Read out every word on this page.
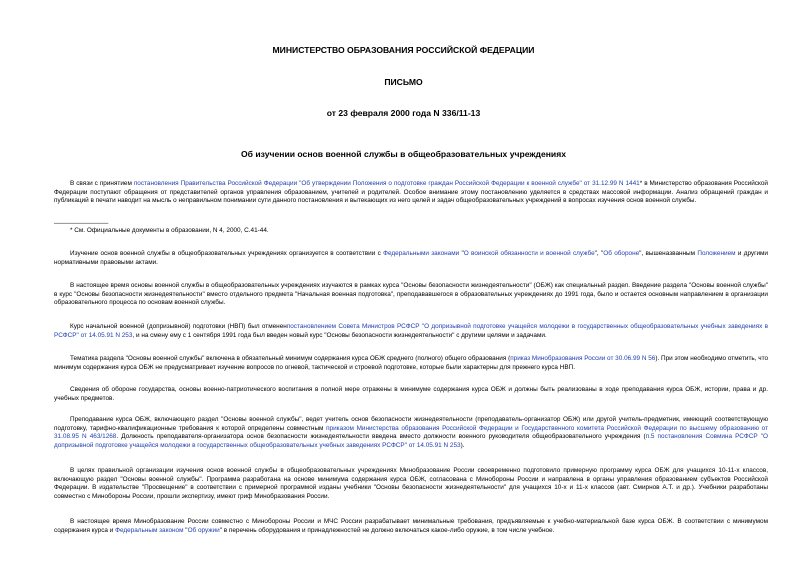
МИНИСТЕРСТВО ОБРАЗОВАНИЯ РОССИЙСКОЙ ФЕДЕРАЦИИ
ПИСЬМО
от 23 февраля 2000 года N 336/11-13
Об изучении основ военной службы в общеобразовательных учреждениях
В связи с принятием постановления Правительства Российской Федерации "Об утверждении Положения о подготовке граждан Российской Федерации к военной службе" от 31.12.99 N 1441* в Министерство образования Российской Федерации поступают обращения от представителей органов управления образованием, учителей и родителей. Особое внимание этому постановлению уделяется в средствах массовой информации. Анализ обращений граждан и публикаций в печати наводит на мысль о неправильном понимании сути данного постановления и вытекающих из него целей и задач общеобразовательных учреждений в вопросах изучения основ военной службы.
────────────
* См. Официальные документы в образовании, N 4, 2000, С.41-44.
Изучение основ военной службы в общеобразовательных учреждениях организуется в соответствии с Федеральными законами "О воинской обязанности и военной службе", "Об обороне", вышеназванным Положением и другими нормативными правовыми актами.
В настоящее время основы военной службы в общеобразовательных учреждениях изучаются в рамках курса "Основы безопасности жизнедеятельности" (ОБЖ) как специальный раздел. Введение раздела "Основы военной службы" в курс "Основы безопасности жизнедеятельности" вместо отдельного предмета "Начальная военная подготовка", преподававшегося в образовательных учреждениях до 1991 года, было и остается основным направлением в организации образовательного процесса по основам военной службы.
Курс начальной военной (допризывной) подготовки (НВП) был отмененпостановлением Совета Министров РСФСР "О допризывной подготовке учащейся молодежи в государственных общеобразовательных учебных заведениях в РСФСР" от 14.05.91 N 253, и на смену ему с 1 сентября 1991 года был введен новый курс "Основы безопасности жизнедеятельности" с другими целями и задачами.
Тематика раздела "Основы военной службы" включена в обязательный минимум содержания курса ОБЖ среднего (полного) общего образования (приказ Минобразования России от 30.06.99 N 56). При этом необходимо отметить, что минимум содержания курса ОБЖ не предусматривает изучение вопросов по огневой, тактической и строевой подготовке, которые были характерны для прежнего курса НВП.
Сведения об обороне государства, основы военно-патриотического воспитания в полной мере отражены в минимуме содержания курса ОБЖ и должны быть реализованы в ходе преподавания курса ОБЖ, истории, права и др. учебных предметов.
Преподавание курса ОБЖ, включающего раздел "Основы военной службы", ведет учитель основ безопасности жизнедеятельности (преподаватель-организатор ОБЖ) или другой учитель-предметник, имеющий соответствующую подготовку, тарифно-квалификационные требования к которой определены совместным приказом Министерства образования Российской Федерации и Государственного комитета Российской Федерации по высшему образованию от 31.08.95 N 463/1268. Должность преподавателя-организатора основ безопасности жизнедеятельности введена вместо должности военного руководителя общеобразовательного учреждения (п.5 постановления Совмина РСФСР "О допризывной подготовке учащейся молодежи в государственных общеобразовательных учебных заведениях РСФСР" от 14.05.91 N 253).
В целях правильной организации изучения основ военной службы в общеобразовательных учреждениях Минобразование России своевременно подготовило примерную программу курса ОБЖ для учащихся 10-11-х классов, включающую раздел "Основы военной службы". Программа разработана на основе минимума содержания курса ОБЖ, согласована с Минобороны России и направлена в органы управления образованием субъектов Российской Федерации. В издательстве "Просвещение" в соответствии с примерной программой изданы учебники "Основы безопасности жизнедеятельности" для учащихся 10-х и 11-х классов (авт. Смирнов А.Т. и др.). Учебники разработаны совместно с Минобороны России, прошли экспертизу, имеют гриф Минобразования России.
В настоящее время Минобразование России совместно с Минобороны России и МЧС России разрабатывает минимальные требования, предъявляемые к учебно-материальной базе курса ОБЖ. В соответствии с минимумом содержания курса и Федеральным законом "Об оружии" в перечень оборудования и принадлежностей не должно включаться какое-либо оружие, в том числе учебное.
